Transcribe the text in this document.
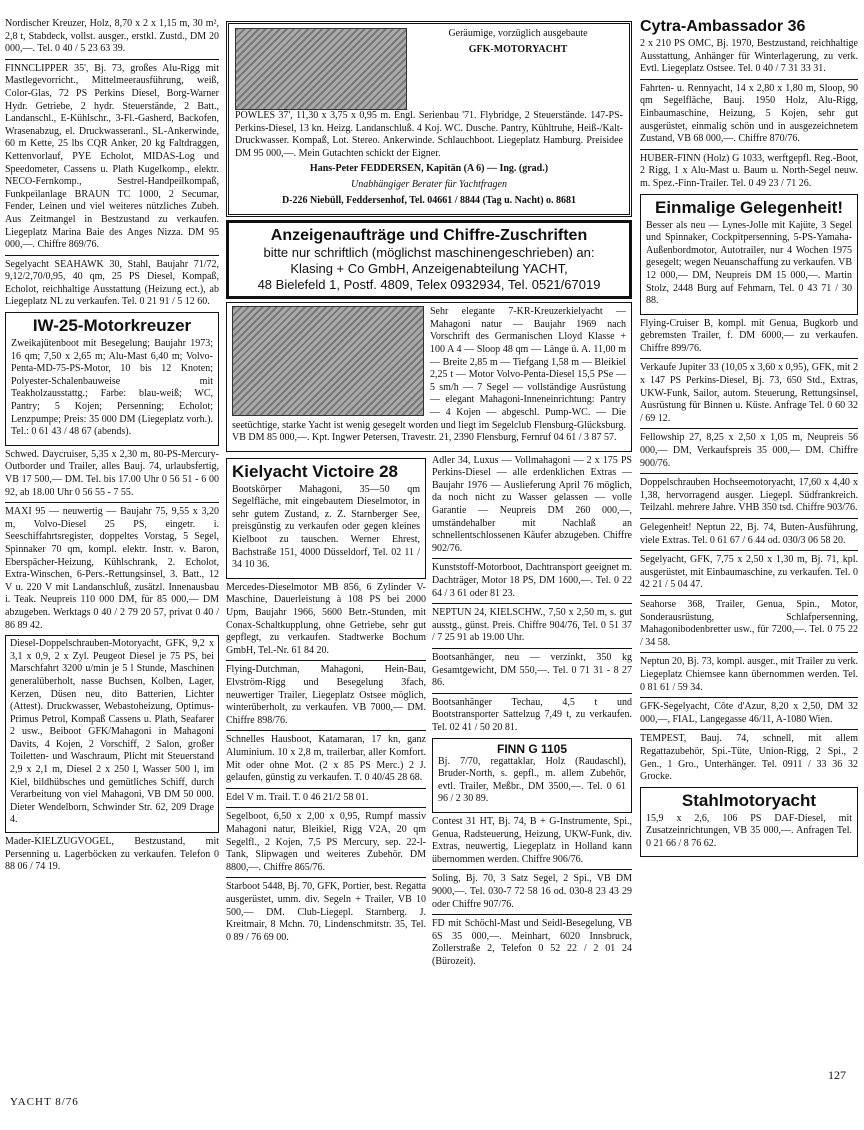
Nordischer Kreuzer, Holz, 8,70 x 2 x 1,15 m, 30 m², 2,8 t, Stabdeck, vollst. ausger., erstkl. Zustd., DM 20 000,—. Tel. 0 40 / 5 23 63 39.

FINNCLIPPER 35', Bj. 73, großes Alu-Rigg mit Mastlegevorricht., Mittelmeerausführung, weiß, Color-Glas, 72 PS Perkins Diesel, Borg-Warner Hydr. Getriebe, 2 hydr. Steuerstände, 2 Batt., Landanschl., E-Kühlschr., 3-Fl.-Gasherd, Backofen, Wrasenabzug, el. Druckwasseranl., SL-Ankerwinde, 60 m Kette, 25 lbs CQR Anker, 20 kg Faltdraggen, Kettenvorlauf, PYE Echolot, MIDAS-Log und Speedometer, Cassens u. Plath Kugelkomp., elektr. NECO-Fernkomp., Sestrel-Handpeilkompaß, Funkpeilanlage BRAUN TC 1000, 2 Secumar, Fender, Leinen und viel weiteres nützliches Zubeh. Aus Zeitmangel in Bestzustand zu verkaufen. Liegeplatz Marina Baie des Anges Nizza. DM 95 000,—. Chiffre 869/76.

Segelyacht SEAHAWK 30, Stahl, Baujahr 71/72, 9,12/2,70/0,95, 40 qm, 25 PS Diesel, Kompaß, Echolot, reichhaltige Ausstattung (Heizung ect.), ab Liegeplatz NL zu verkaufen. Tel. 0 21 91 / 5 12 60.

IW-25-Motorkreuzer

Zweikajütenboot mit Besegelung; Baujahr 1973; 16 qm; 7,50 x 2,65 m; Alu-Mast 6,40 m; Volvo-Penta-MD-75-PS-Motor, 10 bis 12 Knoten; Polyester-Schalenbauweise mit Teakholzausstattg.; Farbe: blau-weiß; WC, Pantry; 5 Kojen; Persenning; Echolot; Lenzpumpe; Preis: 35 000 DM (Liegeplatz vorh.). Tel.: 0 61 43 / 48 67 (abends).

Schwed. Daycruiser, 5,35 x 2,30 m, 80-PS-Mercury-Outborder und Trailer, alles Bauj. 74, urlaubsfertig, VB 17 500,— DM. Tel. bis 17.00 Uhr 0 56 51 - 6 00 92, ab 18.00 Uhr 0 56 55 - 7 55.

MAXI 95 — neuwertig — Baujahr 75, 9,55 x 3,20 m, Volvo-Diesel 25 PS, eingetr. i. Seeschiffahrtsregister, doppeltes Vorstag, 5 Segel, Spinnaker 70 qm, kompl. elektr. Instr. v. Baron, Eberspächer-Heizung, Kühlschrank, 2. Echolot, Extra-Winschen, 6-Pers.-Rettungsinsel, 3. Batt., 12 V u. 220 V mit Landanschluß, zusätzl. Innenausbau i. Teak. Neupreis 110 000 DM, für 85 000,— DM abzugeben. Werktags 0 40 / 2 79 20 57, privat 0 40 / 86 89 42.

Diesel-Doppelschrauben-Motoryacht, GFK, 9,2 x 3,1 x 0,9, 2 x Zyl. Peugeot Diesel je 75 PS, bei Marschfahrt 3200 u/min je 5 l Stunde, Maschinen generalüberholt, nasse Buchsen, Kolben, Lager, Kerzen, Düsen neu, dito Batterien, Lichter (Attest). Druckwasser, Webastoheizung, Optimus-Primus Petrol, Kompaß Cassens u. Plath, Seafarer 2 usw., Beiboot GFK/Mahagoni in Mahagoni Davits, 4 Kojen, 2 Vorschiff, 2 Salon, großer Toiletten- und Waschraum, Plicht mit Steuerstand 2,9 x 2,1 m, Diesel 2 x 250 l, Wasser 500 l, im Kiel, bildhübsches und gemütliches Schiff, durch Verarbeitung von viel Mahagoni, VB DM 50 000. Dieter Wendelborn, Schwinder Str. 62, 209 Drage 4.

Mader-KIELZUGVOGEL, Bestzustand, mit Persenning u. Lagerböcken zu verkaufen. Telefon 0 88 06 / 74 19.

Geräumige, vorzüglich ausgebaute

GFK-MOTORYACHT

POWLES 37', 11,30 x 3,75 x 0,95 m. Engl. Serienbau '71. Flybridge, 2 Steuerstände. 147-PS-Perkins-Diesel, 13 kn. Heizg. Landanschluß. 4 Koj. WC. Dusche. Pantry, Kühltruhe, Heiß-/Kalt-Druckwasser. Kompaß, Lot. Stereo. Ankerwinde. Schlauchboot. Liegeplatz Hamburg. Preisidee DM 95 000,—. Mein Gutachten schickt der Eigner.

Hans-Peter FEDDERSEN, Kapitän (A 6) — Ing. (grad.)

Unabhängiger Berater für Yachtfragen

D-226 Niebüll, Feddersenhof, Tel. 04661 / 8844 (Tag u. Nacht) o. 8681

Anzeigenaufträge und Chiffre-Zuschriften
bitte nur schriftlich (möglichst maschinengeschrieben) an:
Klasing + Co GmbH, Anzeigenabteilung YACHT,
48 Bielefeld 1, Postf. 4809, Telex 0932934, Tel. 0521/67019

Sehr elegante 7-KR-Kreuzerkielyacht — Mahagoni natur — Baujahr 1969 nach Vorschrift des Germanischen Lloyd Klasse + 100 A 4 — Sloop 48 qm — Länge ü. A. 11,00 m — Breite 2,85 m — Tiefgang 1,58 m — Bleikiel 2,25 t — Motor Volvo-Penta-Diesel 15,5 PSe — 5 sm/h — 7 Segel — vollständige Ausrüstung — elegant Mahagoni-Inneneinrichtung: Pantry — 4 Kojen — abgeschl. Pump-WC. — Die seetüchtige, starke Yacht ist wenig gesegelt worden und liegt im Segelclub Flensburg-Glücksburg. VB DM 85 000,—. Kpt. Ingwer Petersen, Travestr. 21, 2390 Flensburg, Fernruf 04 61 / 3 87 57.

Kielyacht Victoire 28

Bootskörper Mahagoni, 35—50 qm Segelfläche, mit eingebautem Dieselmotor, in sehr gutem Zustand, z. Z. Starnberger See, preisgünstig zu verkaufen oder gegen kleines Kielboot zu tauschen. Werner Ehrest, Bachstraße 151, 4000 Düsseldorf, Tel. 02 11 / 34 10 36.

Mercedes-Dieselmotor MB 856, 6 Zylinder V-Maschine, Dauerleistung à 108 PS bei 2000 Upm, Baujahr 1966, 5600 Betr.-Stunden, mit Conax-Schaltkupplung, ohne Getriebe, sehr gut gepflegt, zu verkaufen. Stadtwerke Bochum GmbH, Tel.-Nr. 61 84 20.

Flying-Dutchman, Mahagoni, Hein-Bau, Elvström-Rigg und Besegelung 3fach, neuwertiger Trailer, Liegeplatz Ostsee möglich, winterüberholt, zu verkaufen. VB 7000,— DM. Chiffre 898/76.

Schnelles Hausboot, Katamaran, 17 kn, ganz Aluminium. 10 x 2,8 m, trailerbar, aller Komfort. Mit oder ohne Mot. (2 x 85 PS Merc.) 2 J. gelaufen, günstig zu verkaufen. T. 0 40/45 28 68.

Edel V m. Trail. T. 0 46 21/2 58 01.

Segelboot, 6,50 x 2,00 x 0,95, Rumpf massiv Mahagoni natur, Bleikiel, Rigg V2A, 20 qm Segelfl., 2 Kojen, 7,5 PS Mercury, sep. 22-l-Tank, Slipwagen und weiteres Zubehör. DM 8800,—. Chiffre 865/76.

Starboot 5448, Bj. 70, GFK, Portier, best. Regatta ausgerüstet, umm. div. Segeln + Trailer, VB 10 500,— DM. Club-Liegepl. Starnberg. J. Kreitmair, 8 Mchn. 70, Lindenschmitstr. 35, Tel. 0 89 / 76 69 00.

Adler 34, Luxus — Vollmahagoni — 2 x 175 PS Perkins-Diesel — alle erdenklichen Extras — Baujahr 1976 — Auslieferung April 76 möglich, da noch nicht zu Wasser gelassen — volle Garantie — Neupreis DM 260 000,—, umständehalber mit Nachlaß an schnellentschlossenen Käufer abzugeben. Chiffre 902/76.

Kunststoff-Motorboot, Dachtransport geeignet m. Dachträger, Motor 18 PS, DM 1600,—. Tel. 0 22 64 / 3 61 oder 81 23.

NEPTUN 24, KIELSCHW., 7,50 x 2,50 m, s. gut ausstg., günst. Preis. Chiffre 904/76, Tel. 0 51 37 / 7 25 91 ab 19.00 Uhr.

Bootsanhänger, neu — verzinkt, 350 kg Gesamtgewicht, DM 550,—. Tel. 0 71 31 - 8 27 86.

Bootsanhänger Techau, 4,5 t und Bootstransporter Sattelzug 7,49 t, zu verkaufen. Tel. 02 41 / 50 20 81.

FINN G 1105

Bj. 7/70, regattaklar, Holz (Raudaschl), Bruder-North, s. gepfl., m. allem Zubehör, evtl. Trailer, Meßbr., DM 3500,—. Tel. 0 61 96 / 2 30 89.

Contest 31 HT, Bj. 74, B + G-Instrumente, Spi., Genua, Radsteuerung, Heizung, UKW-Funk, div. Extras, neuwertig, Liegeplatz in Holland kann übernommen werden. Chiffre 906/76.

Soling, Bj. 70, 3 Satz Segel, 2 Spi., VB DM 9000,—. Tel. 030-7 72 58 16 od. 030-8 23 43 29 oder Chiffre 907/76.

FD mit Schöchl-Mast und Seidl-Besegelung, VB 6S 35 000,—. Meinhart, 6020 Innsbruck, Zollerstraße 2, Telefon 0 52 22 / 2 01 24 (Bürozeit).

Cytra-Ambassador 36

2 x 210 PS OMC, Bj. 1970, Bestzustand, reichhaltige Ausstattung, Anhänger für Winterlagerung, zu verk. Evtl. Liegeplatz Ostsee. Tel. 0 40 / 7 31 33 31.

Fahrten- u. Rennyacht, 14 x 2,80 x 1,80 m, Sloop, 90 qm Segelfläche, Bauj. 1950 Holz, Alu-Rigg, Einbaumaschine, Heizung, 5 Kojen, sehr gut ausgerüstet, einmalig schön und in ausgezeichnetem Zustand, VB 68 000,—. Chiffre 870/76.

HUBER-FINN (Holz) G 1033, werftgepfl. Reg.-Boot, 2 Rigg, 1 x Alu-Mast u. Baum u. North-Segel neuw. m. Spez.-Finn-Trailer. Tel. 0 49 23 / 71 26.

Einmalige Gelegenheit!

Besser als neu — Lynes-Jolle mit Kajüte, 3 Segel und Spinnaker, Cockpitpersenning, 5-PS-Yamaha-Außenbordmotor, Autotrailer, nur 4 Wochen 1975 gesegelt; wegen Neuanschaffung zu verkaufen. VB 12 000,— DM, Neupreis DM 15 000,—. Martin Stolz, 2448 Burg auf Fehmarn, Tel. 0 43 71 / 30 88.

Flying-Cruiser B, kompl. mit Genua, Bugkorb und gebremsten Trailer, f. DM 6000,— zu verkaufen. Chiffre 899/76.

Verkaufe Jupiter 33 (10,05 x 3,60 x 0,95), GFK, mit 2 x 147 PS Perkins-Diesel, Bj. 73, 650 Std., Extras, UKW-Funk, Sailor, autom. Steuerung, Rettungsinsel, Ausrüstung für Binnen u. Küste. Anfrage Tel. 0 60 32 / 69 12.

Fellowship 27, 8,25 x 2,50 x 1,05 m, Neupreis 56 000,— DM, Verkaufspreis 35 000,— DM. Chiffre 900/76.

Doppelschrauben Hochseemotoryacht, 17,60 x 4,40 x 1,38, hervorragend ausger. Liegepl. Südfrankreich. Teilzahl. mehrere Jahre. VHB 350 tsd. Chiffre 903/76.

Gelegenheit! Neptun 22, Bj. 74, Buten-Ausführung, viele Extras. Tel. 0 61 67 / 6 44 od. 030/3 06 58 20.

Segelyacht, GFK, 7,75 x 2,50 x 1,30 m, Bj. 71, kpl. ausgerüstet, mit Einbaumaschine, zu verkaufen. Tel. 0 42 21 / 5 04 47.

Seahorse 368, Trailer, Genua, Spin., Motor, Sonderausrüstung, Schlafpersenning, Mahagonibodenbretter usw., für 7200,—. Tel. 0 75 22 / 34 58.

Neptun 20, Bj. 73, kompl. ausger., mit Trailer zu verk. Liegeplatz Chiemsee kann übernommen werden. Tel. 0 81 61 / 59 34.

GFK-Segelyacht, Côte d'Azur, 8,20 x 2,50, DM 32 000,—, FIAL, Langegasse 46/11, A-1080 Wien.

TEMPEST, Bauj. 74, schnell, mit allem Regattazubehör, Spi.-Tüte, Union-Rigg, 2 Spi., 2 Gen., 1 Gro., Unterhänger. Tel. 0911 / 33 36 32 Grocke.

Stahlmotoryacht

15,9 x 2,6, 106 PS DAF-Diesel, mit Zusatzeinrichtungen, VB 35 000,—. Anfragen Tel. 0 21 66 / 8 76 62.

YACHT 8/76
127
